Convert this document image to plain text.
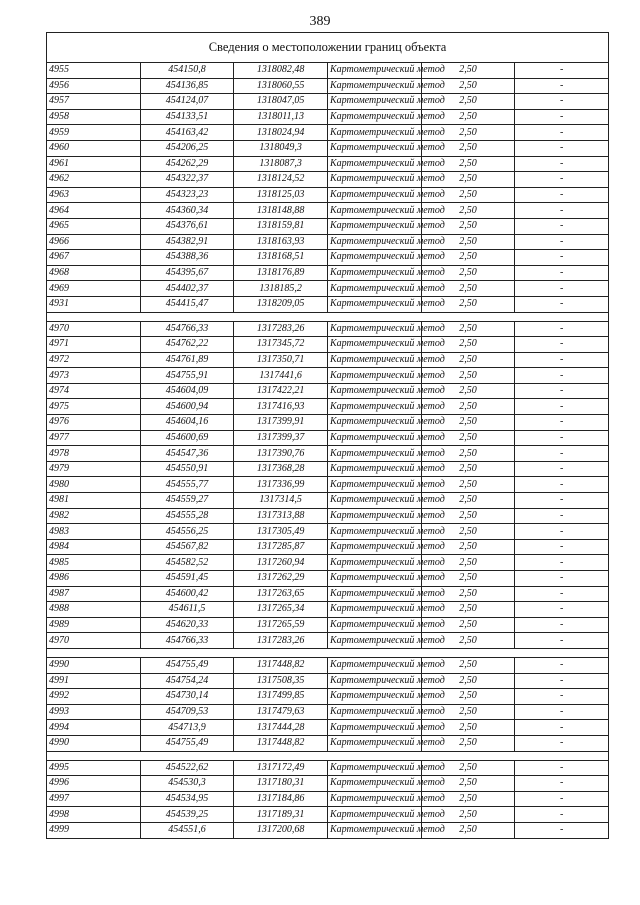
389
Сведения о местоположении границ объекта					
4955	454150,8	1318082,48	Картометрический метод	2,50	-
4956	454136,85	1318060,55	Картометрический метод	2,50	-
4957	454124,07	1318047,05	Картометрический метод	2,50	-
4958	454133,51	1318011,13	Картометрический метод	2,50	-
4959	454163,42	1318024,94	Картометрический метод	2,50	-
4960	454206,25	1318049,3	Картометрический метод	2,50	-
4961	454262,29	1318087,3	Картометрический метод	2,50	-
4962	454322,37	1318124,52	Картометрический метод	2,50	-
4963	454323,23	1318125,03	Картометрический метод	2,50	-
4964	454360,34	1318148,88	Картометрический метод	2,50	-
4965	454376,61	1318159,81	Картометрический метод	2,50	-
4966	454382,91	1318163,93	Картометрический метод	2,50	-
4967	454388,36	1318168,51	Картометрический метод	2,50	-
4968	454395,67	1318176,89	Картометрический метод	2,50	-
4969	454402,37	1318185,2	Картометрический метод	2,50	-
4931	454415,47	1318209,05	Картометрический метод	2,50	-

4970	454766,33	1317283,26	Картометрический метод	2,50	-
4971	454762,22	1317345,72	Картометрический метод	2,50	-
4972	454761,89	1317350,71	Картометрический метод	2,50	-
4973	454755,91	1317441,6	Картометрический метод	2,50	-
4974	454604,09	1317422,21	Картометрический метод	2,50	-
4975	454600,94	1317416,93	Картометрический метод	2,50	-
4976	454604,16	1317399,91	Картометрический метод	2,50	-
4977	454600,69	1317399,37	Картометрический метод	2,50	-
4978	454547,36	1317390,76	Картометрический метод	2,50	-
4979	454550,91	1317368,28	Картометрический метод	2,50	-
4980	454555,77	1317336,99	Картометрический метод	2,50	-
4981	454559,27	1317314,5	Картометрический метод	2,50	-
4982	454555,28	1317313,88	Картометрический метод	2,50	-
4983	454556,25	1317305,49	Картометрический метод	2,50	-
4984	454567,82	1317285,87	Картометрический метод	2,50	-
4985	454582,52	1317260,94	Картометрический метод	2,50	-
4986	454591,45	1317262,29	Картометрический метод	2,50	-
4987	454600,42	1317263,65	Картометрический метод	2,50	-
4988	454611,5	1317265,34	Картометрический метод	2,50	-
4989	454620,33	1317265,59	Картометрический метод	2,50	-
4970	454766,33	1317283,26	Картометрический метод	2,50	-

4990	454755,49	1317448,82	Картометрический метод	2,50	-
4991	454754,24	1317508,35	Картометрический метод	2,50	-
4992	454730,14	1317499,85	Картометрический метод	2,50	-
4993	454709,53	1317479,63	Картометрический метод	2,50	-
4994	454713,9	1317444,28	Картометрический метод	2,50	-
4990	454755,49	1317448,82	Картометрический метод	2,50	-

4995	454522,62	1317172,49	Картометрический метод	2,50	-
4996	454530,3	1317180,31	Картометрический метод	2,50	-
4997	454534,95	1317184,86	Картометрический метод	2,50	-
4998	454539,25	1317189,31	Картометрический метод	2,50	-
4999	454551,6	1317200,68	Картометрический метод	2,50	-
